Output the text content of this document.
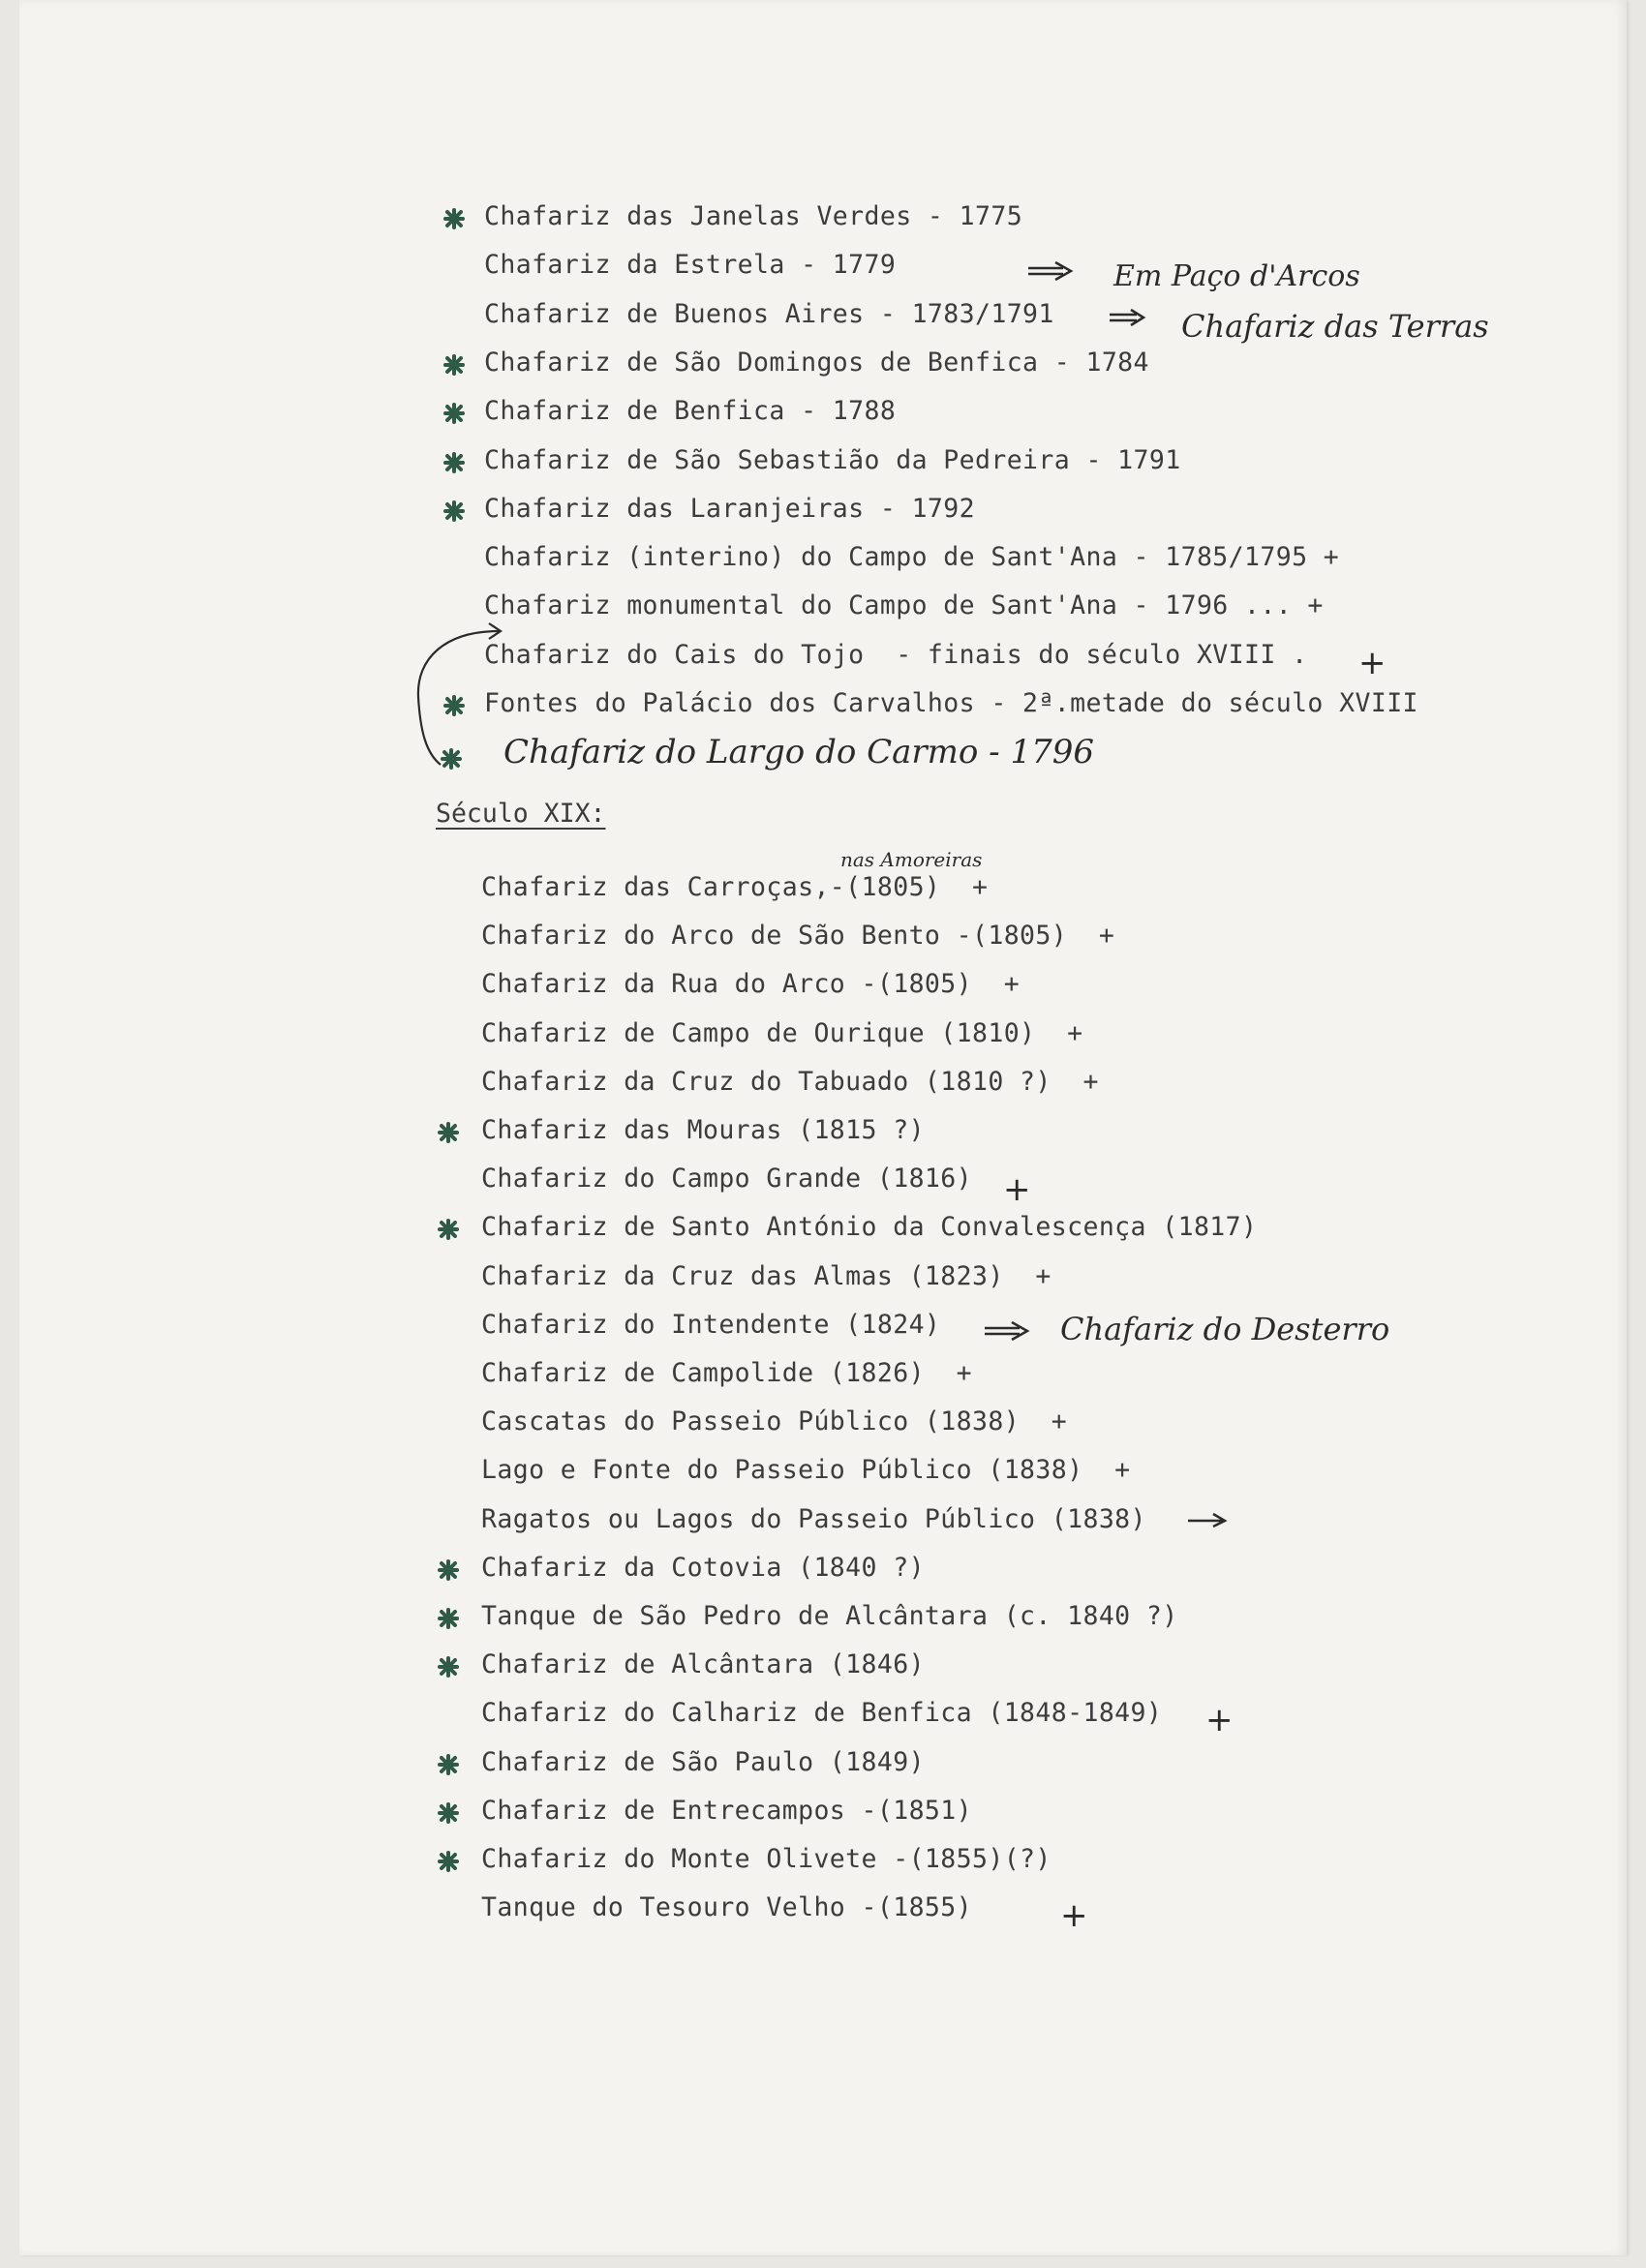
Chafariz das Janelas Verdes - 1775
Chafariz da Estrela - 1779
Chafariz de Buenos Aires - 1783/1791
Chafariz de São Domingos de Benfica - 1784
Chafariz de Benfica - 1788
Chafariz de São Sebastião da Pedreira - 1791
Chafariz das Laranjeiras - 1792
Chafariz (interino) do Campo de Sant'Ana - 1785/1795 +
Chafariz monumental do Campo de Sant'Ana - 1796 ... +
Chafariz do Cais do Tojo  - finais do século XVIII .
Fontes do Palácio dos Carvalhos - 2ª.metade do século XVIII
Em Paço d'Arcos
Chafariz das Terras
Chafariz do Largo do Carmo - 1796
+
Século XIX:
Chafariz das Carroças,-(1805)  +
Chafariz do Arco de São Bento -(1805)  +
Chafariz da Rua do Arco -(1805)  +
Chafariz de Campo de Ourique (1810)  +
Chafariz da Cruz do Tabuado (1810 ?)  +
Chafariz das Mouras (1815 ?)
Chafariz do Campo Grande (1816)
Chafariz de Santo António da Convalescença (1817)
Chafariz da Cruz das Almas (1823)  +
Chafariz do Intendente (1824)
Chafariz de Campolide (1826)  +
Cascatas do Passeio Público (1838)  +
Lago e Fonte do Passeio Público (1838)  +
Ragatos ou Lagos do Passeio Público (1838)
Chafariz da Cotovia (1840 ?)
Tanque de São Pedro de Alcântara (c. 1840 ?)
Chafariz de Alcântara (1846)
Chafariz do Calhariz de Benfica (1848-1849)
Chafariz de São Paulo (1849)
Chafariz de Entrecampos -(1851)
Chafariz do Monte Olivete -(1855)(?)
Tanque do Tesouro Velho -(1855)
nas Amoreiras
Chafariz do Desterro
+
+
+
